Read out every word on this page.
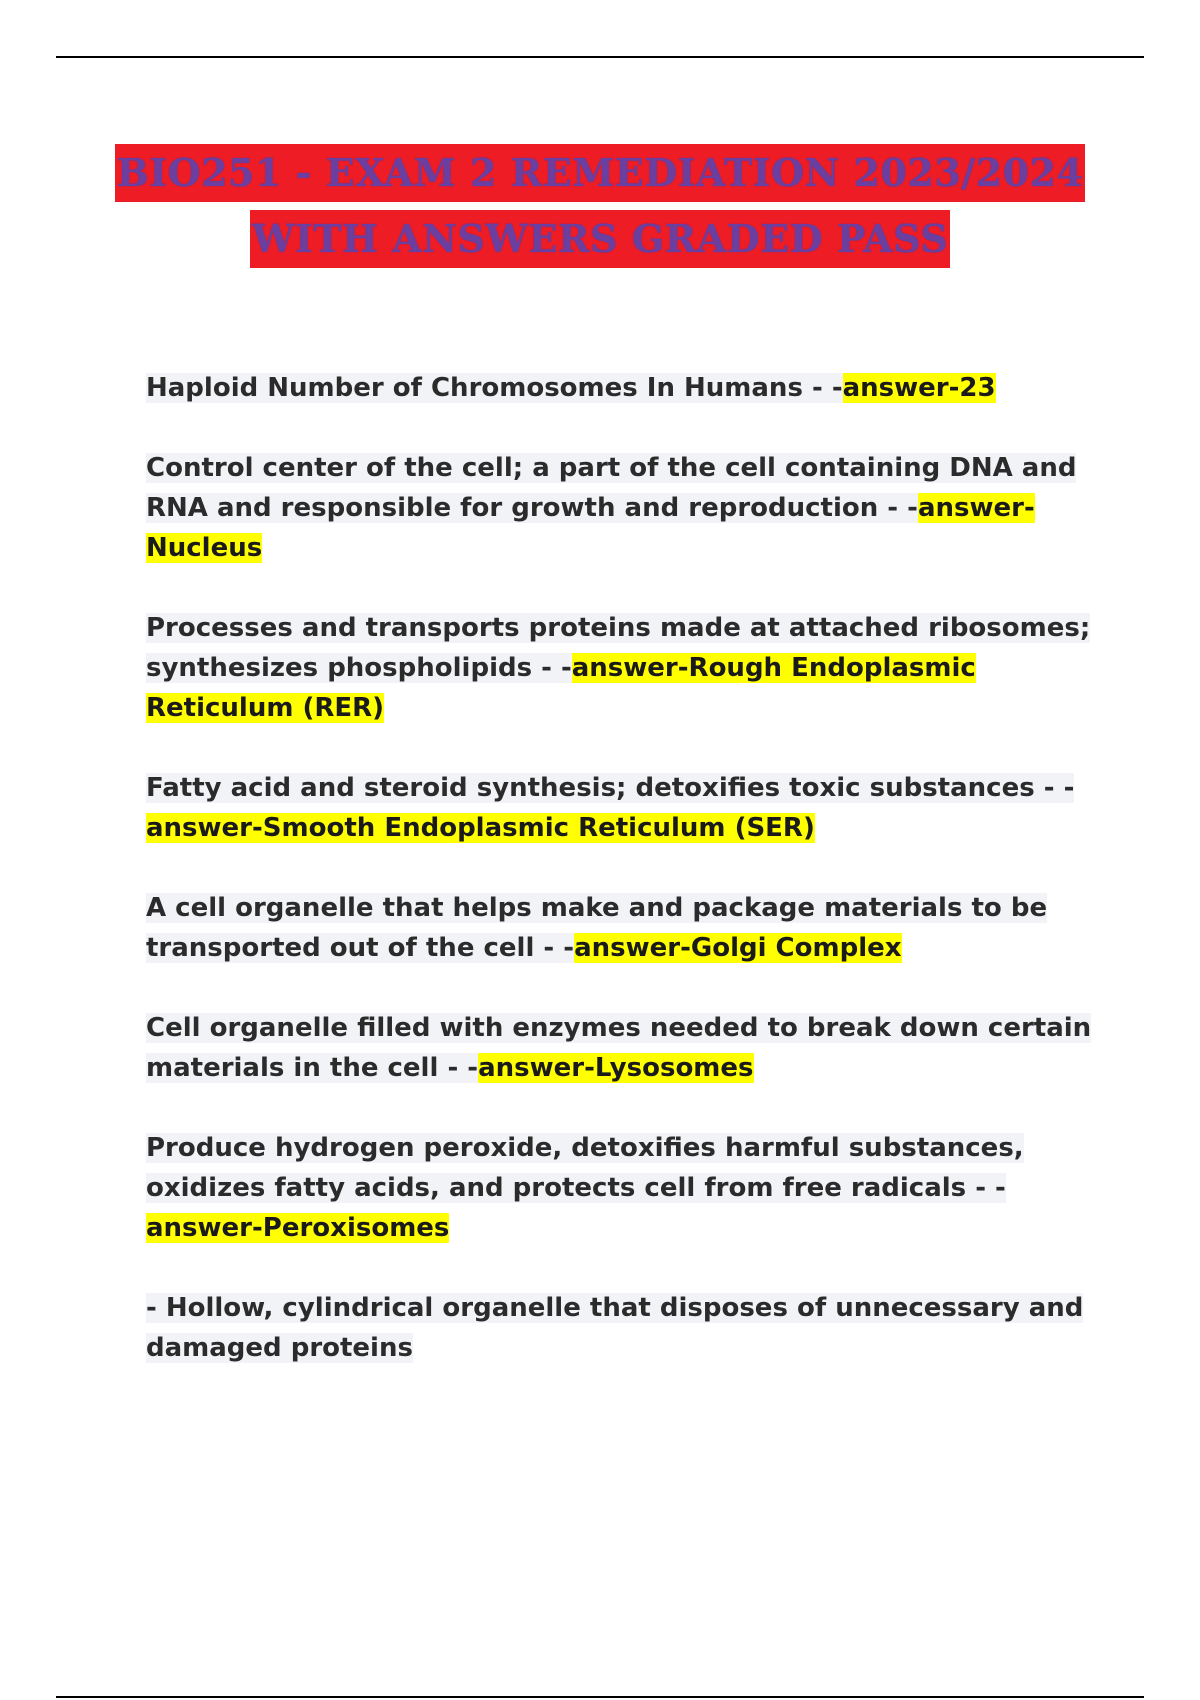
BIO251 - EXAM 2 REMEDIATION 2023/2024
WITH ANSWERS GRADED PASS
Haploid Number of Chromosomes In Humans - -answer-23
Control center of the cell; a part of the cell containing DNA and RNA and responsible for growth and reproduction - -answer-Nucleus
Processes and transports proteins made at attached ribosomes; synthesizes phospholipids - -answer-Rough Endoplasmic Reticulum (RER)
Fatty acid and steroid synthesis; detoxifies toxic substances - -answer-Smooth Endoplasmic Reticulum (SER)
A cell organelle that helps make and package materials to be transported out of the cell - -answer-Golgi Complex
Cell organelle filled with enzymes needed to break down certain materials in the cell - -answer-Lysosomes
Produce hydrogen peroxide, detoxifies harmful substances, oxidizes fatty acids, and protects cell from free radicals - -answer-Peroxisomes
- Hollow, cylindrical organelle that disposes of unnecessary and damaged proteins
